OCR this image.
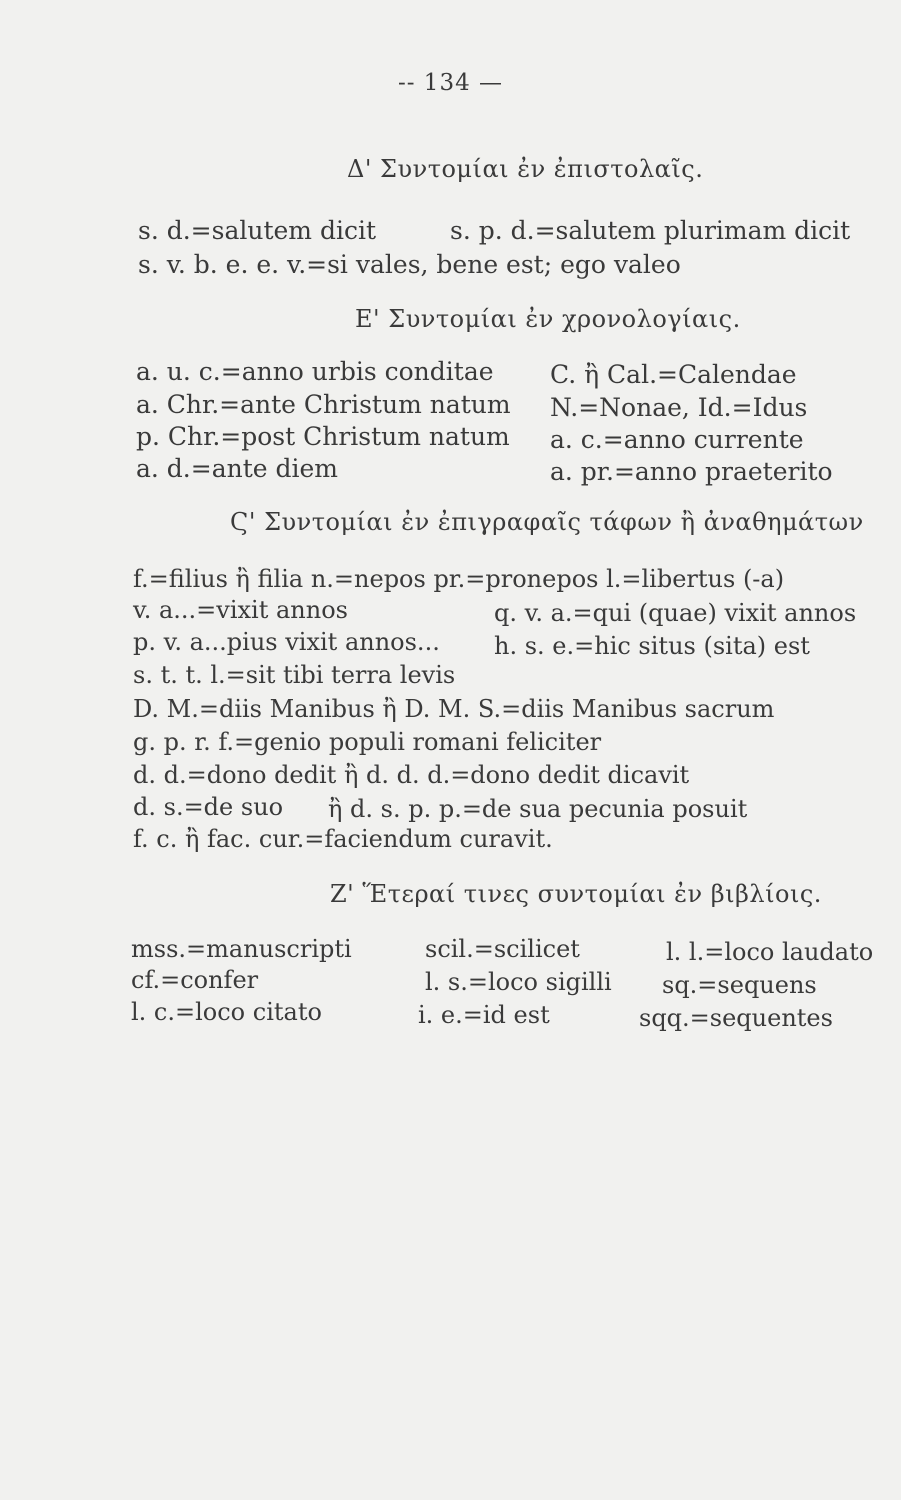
-- 134 —
Δ' Συντομίαι ἐν ἐπιστολαῖς.
s. d.=salutem dicit	s. p. d.=salutem plurimam dicit
s. v. b. e. e. v.=si vales, bene est; ego valeo
Ε' Συντομίαι ἐν χρονολογίαις.
a. u. c.=anno urbis conditae
a. Chr.=ante Christum natum
p. Chr.=post Christum natum
a. d.=ante diem
C. ἢ Cal.=Calendae
N.=Nonae, Id.=Idus
a. c.=anno currente
a. pr.=anno praeterito
Ϛ' Συντομίαι ἐν ἐπιγραφαῖς τάφων ἢ ἀναθημάτων
f.=filius ἢ filia n.=nepos pr.=pronepos l.=libertus (-a)
v. a...=vixit annos	q. v. a.=qui (quae) vixit annos
p. v. a...pius vixit annos... h. s. e.=hic situs (sita) est
s. t. t. l.=sit tibi terra levis
D. M.=diis Manibus ἢ D. M. S.=diis Manibus sacrum
g. p. r. f.=genio populi romani feliciter
d. d.=dono dedit ἢ d. d. d.=dono dedit dicavit
d. s.=de suo ἢ d. s. p. p.=de sua pecunia posuit
f. c. ἢ fac. cur.=faciendum curavit.
Ζ' Ἕτεραί τινες συντομίαι ἐν βιβλίοις.
mss.=manuscripti
cf.=confer
l. c.=loco citato
scil.=scilicet
l. s.=loco sigilli
i. e.=id est
l. l.=loco laudato
sq.=sequens
sqq.=sequentes
